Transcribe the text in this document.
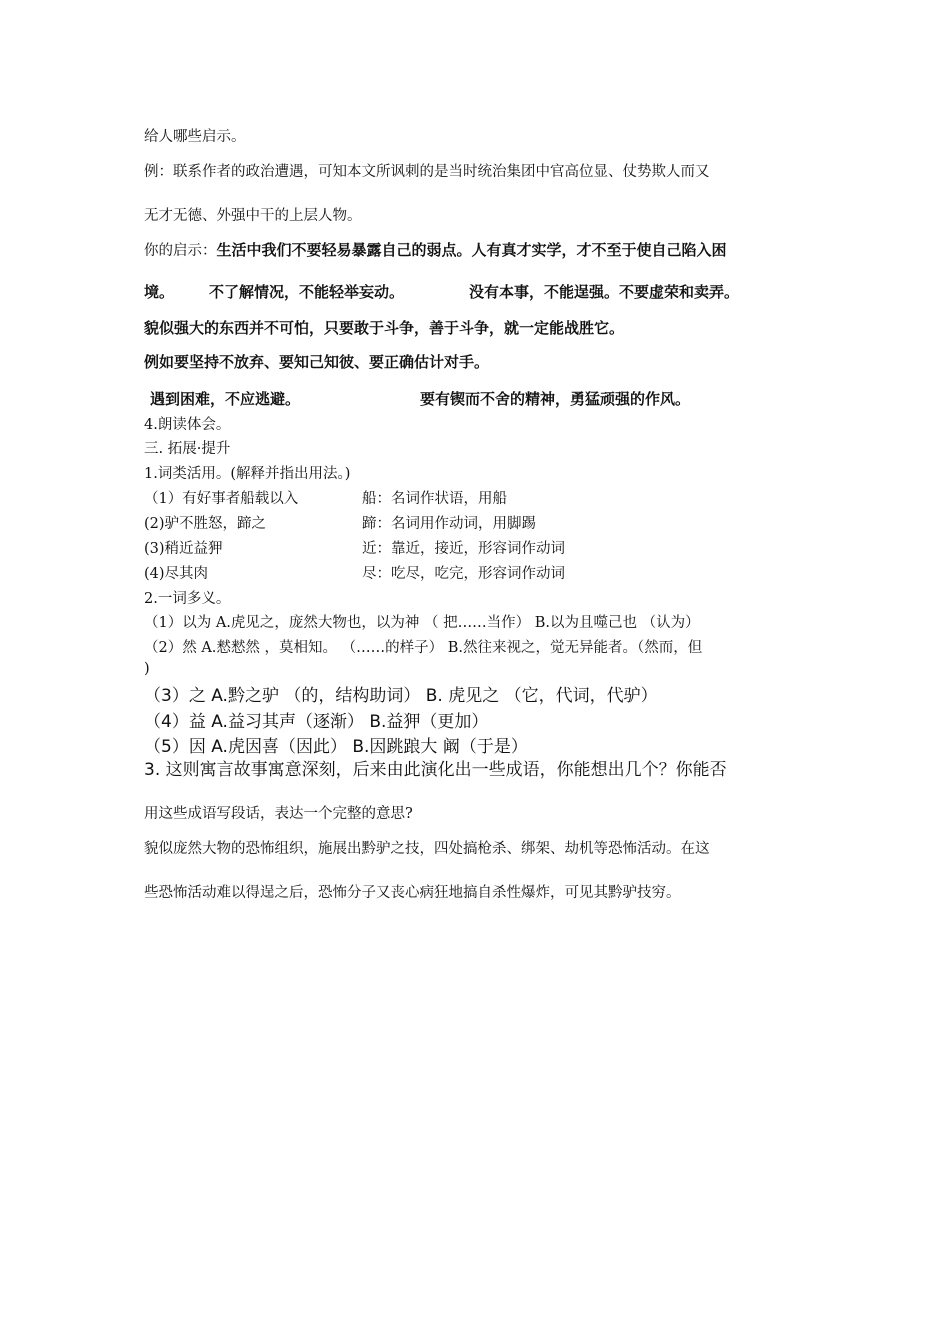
给人哪些启示。
例：联系作者的政治遭遇，可知本文所讽刺的是当时统治集团中官高位显、仗势欺人而又
无才无德、外强中干的上层人物。
你的启示：生活中我们不要轻易暴露自己的弱点。人有真才实学，才不至于使自己陷入困
境。 不了解情况，不能轻举妄动。	没有本事，不能逞强。不要虚荣和卖弄。
貌似强大的东西并不可怕，只要敢于斗争，善于斗争，就一定能战胜它。
例如要坚持不放弃、要知己知彼、要正确估计对手。
遇到困难，不应逃避。	要有锲而不舍的精神，勇猛顽强的作风。
4.朗读体会。
三. 拓展·提升
1.词类活用。(解释并指出用法。)
（1）有好事者船载以入	船：名词作状语，用船
(2)驴不胜怒，蹄之	蹄：名词用作动词，用脚踢
(3)稍近益狎	近：靠近，接近，形容词作动词
(4)尽其肉	尽：吃尽，吃完，形容词作动词
2.一词多义。
（1）以为 A.虎见之，庞然大物也，以为神 （ 把……当作） B.以为且噬己也 （认为）
（2）然 A.慭慭然 ，莫相知。 （……的样子） B.然往来视之，觉无异能者。（然而，但
)
（3）之 A.黔之驴 （的，结构助词） B. 虎见之 （它，代词，代驴）
（4）益 A.益习其声（逐渐） B.益狎（更加）
（5）因 A.虎因喜（因此） B.因跳踉大 阚（于是）
3. 这则寓言故事寓意深刻，后来由此演化出一些成语，你能想出几个？你能否
用这些成语写段话，表达一个完整的意思?
貌似庞然大物的恐怖组织，施展出黔驴之技，四处搞枪杀、绑架、劫机等恐怖活动。在这
些恐怖活动难以得逞之后，恐怖分子又丧心病狂地搞自杀性爆炸，可见其黔驴技穷。
